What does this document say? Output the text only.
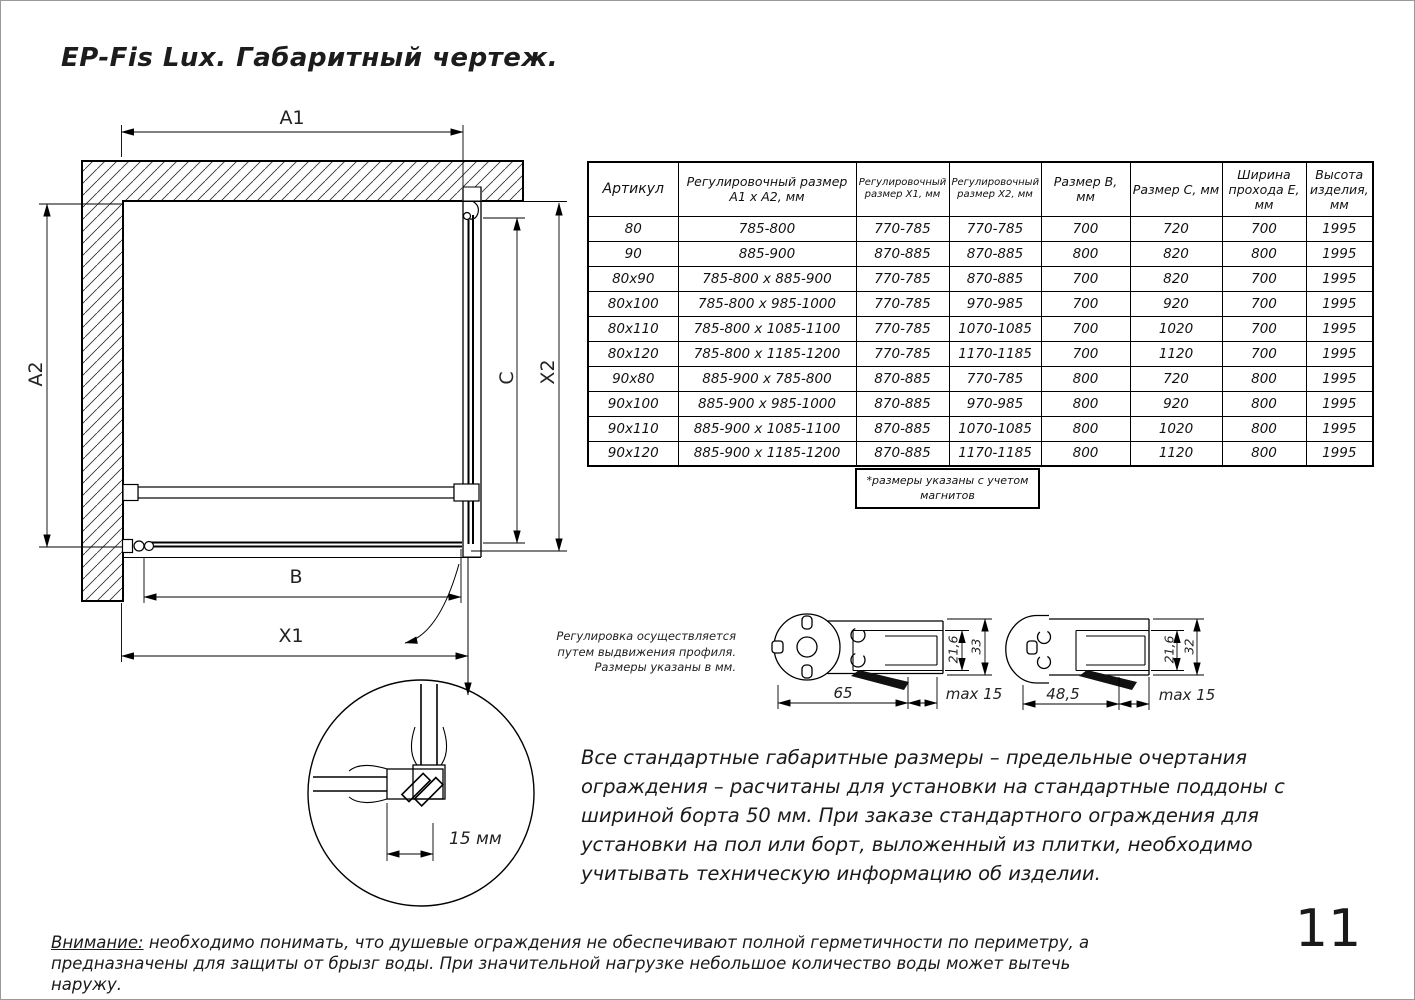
EP-Fis Lux. Габаритный чертеж.
A1
A2
B
C
X1
X2
15 мм
65	max 15
21,6 33
48,5	max 15
21,6 32
Регулировка осуществляется путем выдвижения профиля.
Размеры указаны в мм.
Артикул	Регулировочный размер A1 x A2, мм	Регулировочный размер X1, мм	Регулировочный размер X2, мм	Размер B, мм	Размер C, мм	Ширина прохода E, мм	Высота изделия, мм
80	785-800	770-785	770-785	700	720	700	1995
90	885-900	870-885	870-885	800	820	800	1995
80x90	785-800 x 885-900	770-785	870-885	700	820	700	1995
80x100	785-800 x 985-1000	770-785	970-985	700	920	700	1995
80x110	785-800 x 1085-1100	770-785	1070-1085	700	1020	700	1995
80x120	785-800 x 1185-1200	770-785	1170-1185	700	1120	700	1995
90x80	885-900 x 785-800	870-885	770-785	800	720	800	1995
90x100	885-900 x 985-1000	870-885	970-985	800	920	800	1995
90x110	885-900 x 1085-1100	870-885	1070-1085	800	1020	800	1995
90x120	885-900 x 1185-1200	870-885	1170-1185	800	1120	800	1995
*размеры указаны с учетом магнитов
Все стандартные габаритные размеры – предельные очертания ограждения – расчитаны для установки на стандартные поддоны с шириной борта 50 мм. При заказе стандартного ограждения для установки на пол или борт, выложенный из плитки, необходимо учитывать техническую информацию об изделии.
Внимание: необходимо понимать, что душевые ограждения не обеспечивают полной герметичности по периметру, а предназначены для защиты от брызг воды. При значительной нагрузке небольшое количество воды может вытечь наружу.
11
